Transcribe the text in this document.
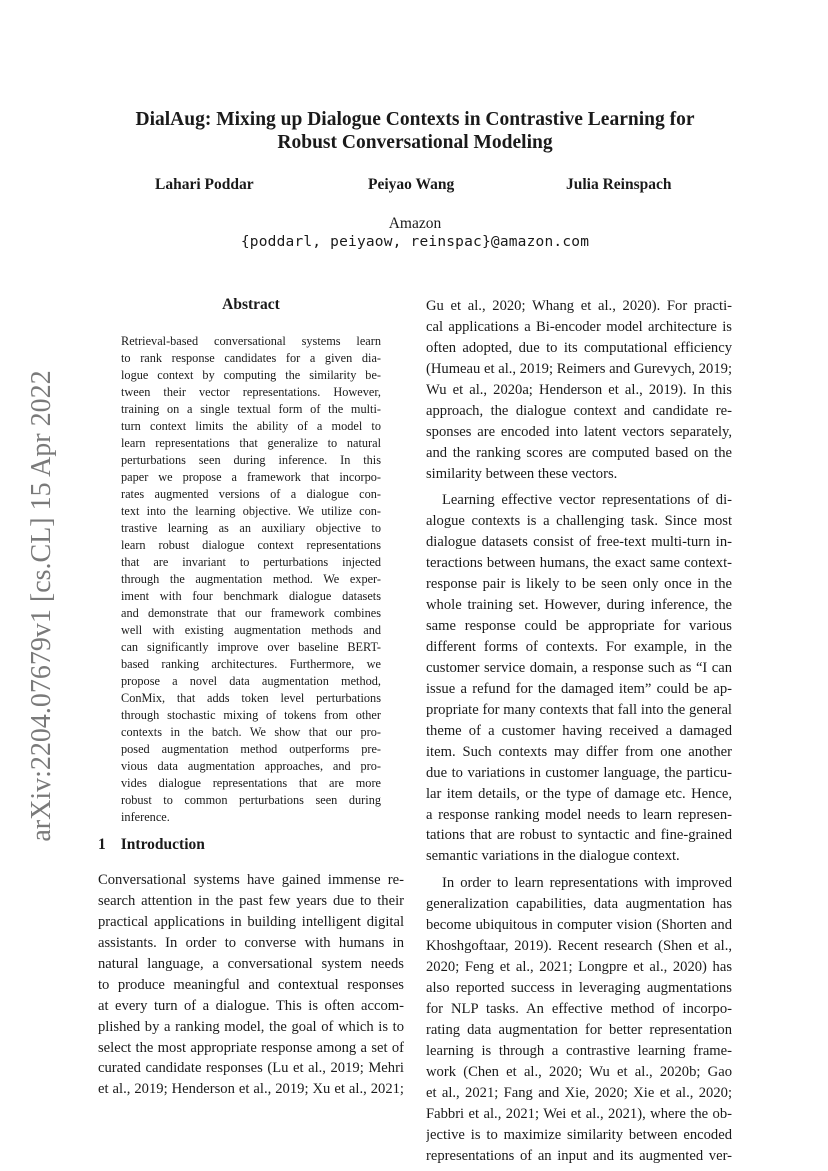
arXiv:2204.07679v1 [cs.CL] 15 Apr 2022
DialAug: Mixing up Dialogue Contexts in Contrastive Learning for
Robust Conversational Modeling
Lahari Poddar	Peiyao Wang	Julia Reinspach
Amazon
{poddarl, peiyaow, reinspac}@amazon.com
Abstract
Retrieval-based conversational systems learn
to rank response candidates for a given dia-
logue context by computing the similarity be-
tween their vector representations. However,
training on a single textual form of the multi-
turn context limits the ability of a model to
learn representations that generalize to natural
perturbations seen during inference. In this
paper we propose a framework that incorpo-
rates augmented versions of a dialogue con-
text into the learning objective. We utilize con-
trastive learning as an auxiliary objective to
learn robust dialogue context representations
that are invariant to perturbations injected
through the augmentation method. We exper-
iment with four benchmark dialogue datasets
and demonstrate that our framework combines
well with existing augmentation methods and
can significantly improve over baseline BERT-
based ranking architectures. Furthermore, we
propose a novel data augmentation method,
ConMix, that adds token level perturbations
through stochastic mixing of tokens from other
contexts in the batch. We show that our pro-
posed augmentation method outperforms pre-
vious data augmentation approaches, and pro-
vides dialogue representations that are more
robust to common perturbations seen during
inference.
1 Introduction
Conversational systems have gained immense re-
search attention in the past few years due to their
practical applications in building intelligent digital
assistants. In order to converse with humans in
natural language, a conversational system needs
to produce meaningful and contextual responses
at every turn of a dialogue. This is often accom-
plished by a ranking model, the goal of which is to
select the most appropriate response among a set of
curated candidate responses (Lu et al., 2019; Mehri
et al., 2019; Henderson et al., 2019; Xu et al., 2021;
Gu et al., 2020; Whang et al., 2020). For practi-
cal applications a Bi-encoder model architecture is
often adopted, due to its computational efficiency
(Humeau et al., 2019; Reimers and Gurevych, 2019;
Wu et al., 2020a; Henderson et al., 2019). In this
approach, the dialogue context and candidate re-
sponses are encoded into latent vectors separately,
and the ranking scores are computed based on the
similarity between these vectors.
Learning effective vector representations of di-
alogue contexts is a challenging task. Since most
dialogue datasets consist of free-text multi-turn in-
teractions between humans, the exact same context-
response pair is likely to be seen only once in the
whole training set. However, during inference, the
same response could be appropriate for various
different forms of contexts. For example, in the
customer service domain, a response such as “I can
issue a refund for the damaged item” could be ap-
propriate for many contexts that fall into the general
theme of a customer having received a damaged
item. Such contexts may differ from one another
due to variations in customer language, the particu-
lar item details, or the type of damage etc. Hence,
a response ranking model needs to learn represen-
tations that are robust to syntactic and fine-grained
semantic variations in the dialogue context.
In order to learn representations with improved
generalization capabilities, data augmentation has
become ubiquitous in computer vision (Shorten and
Khoshgoftaar, 2019). Recent research (Shen et al.,
2020; Feng et al., 2021; Longpre et al., 2020) has
also reported success in leveraging augmentations
for NLP tasks. An effective method of incorpo-
rating data augmentation for better representation
learning is through a contrastive learning frame-
work (Chen et al., 2020; Wu et al., 2020b; Gao
et al., 2021; Fang and Xie, 2020; Xie et al., 2020;
Fabbri et al., 2021; Wei et al., 2021), where the ob-
jective is to maximize similarity between encoded
representations of an input and its augmented ver-
